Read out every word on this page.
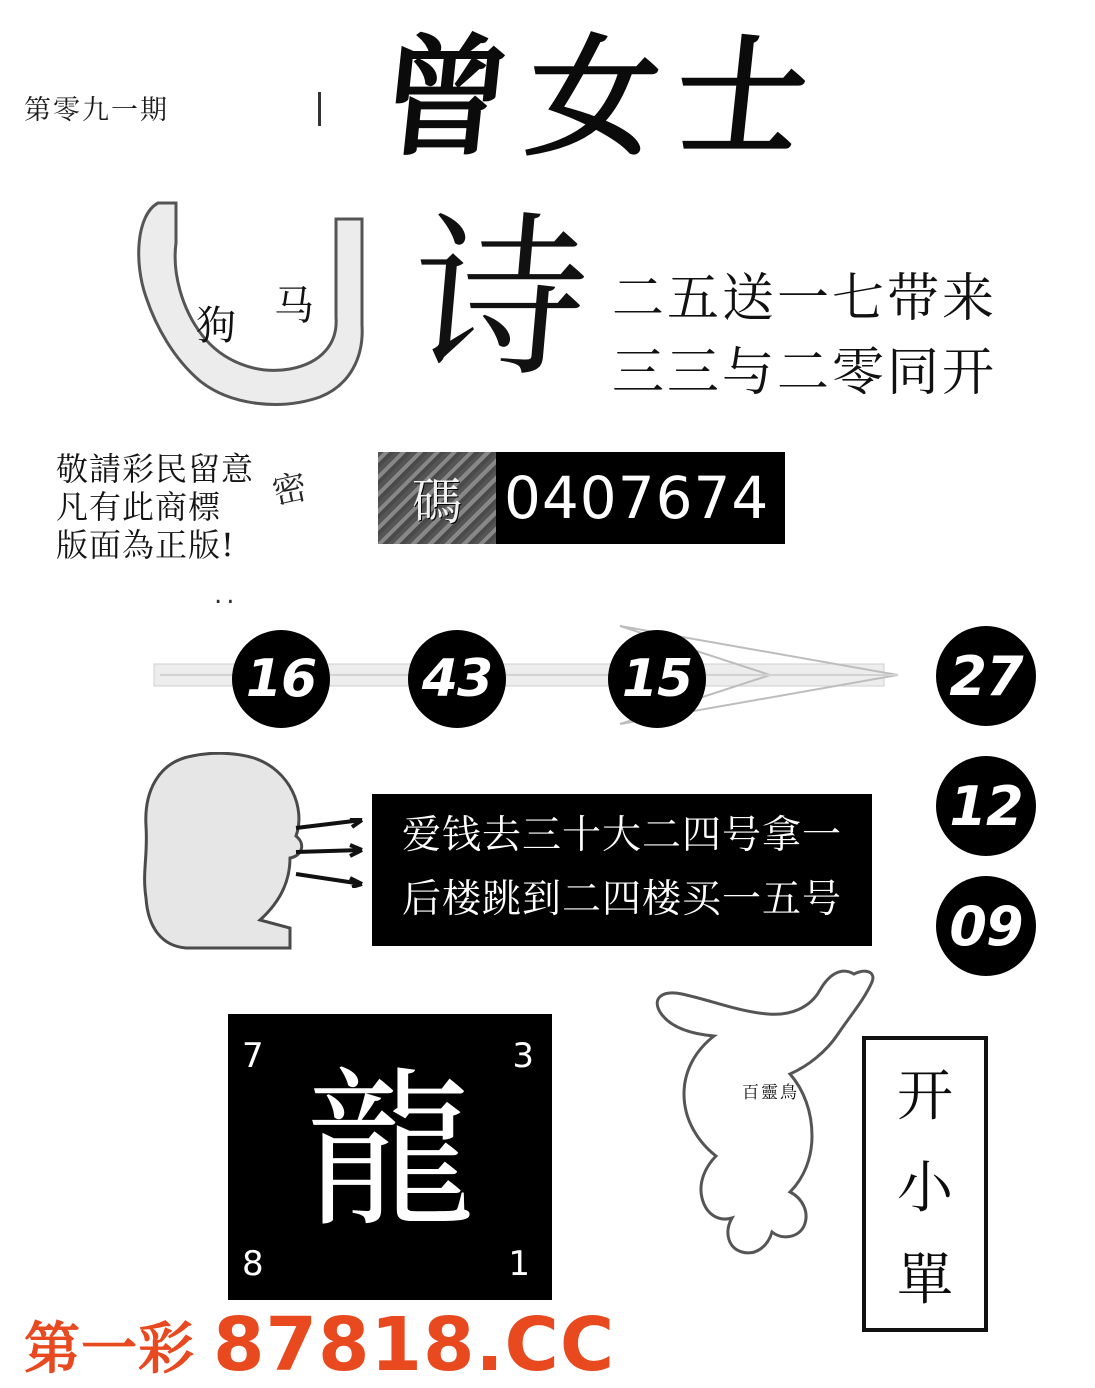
第零九一期 曾女士
狗 马 诗 二五送一七带来
三三与二零同开
敬請彩民留意
凡有此商標
版面為正版!
密
..
碼 0407674
16 43 15	27
12
09
爱钱去三十大二四号拿一
后楼跳到二四楼买一五号
7	3
龍
8	1
百靈鳥 开
小
單
第一彩 87818.CC
